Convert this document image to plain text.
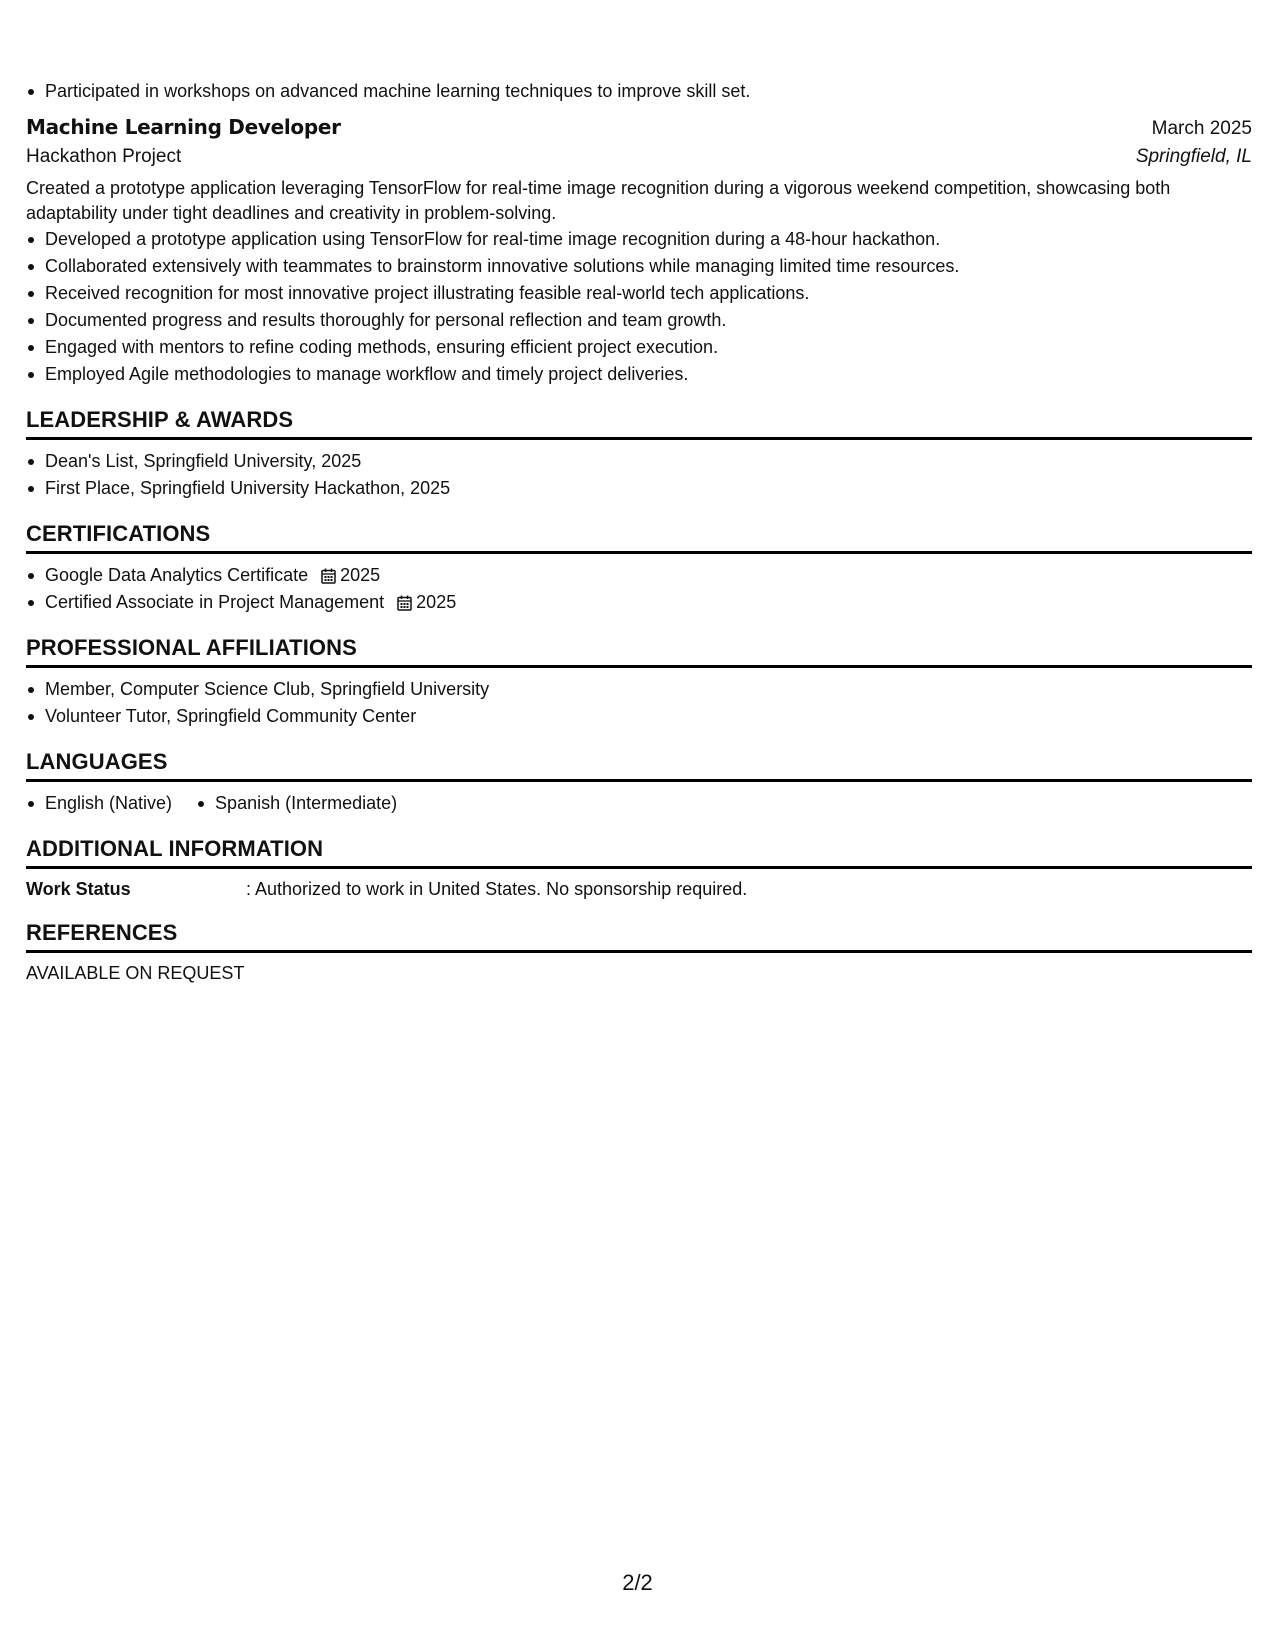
Participated in workshops on advanced machine learning techniques to improve skill set.
Machine Learning Developer	March 2025
Hackathon Project	Springfield, IL

Created a prototype application leveraging TensorFlow for real-time image recognition during a vigorous weekend competition, showcasing both adaptability under tight deadlines and creativity in problem-solving.

Developed a prototype application using TensorFlow for real-time image recognition during a 48-hour hackathon.
Collaborated extensively with teammates to brainstorm innovative solutions while managing limited time resources.
Received recognition for most innovative project illustrating feasible real-world tech applications.
Documented progress and results thoroughly for personal reflection and team growth.
Engaged with mentors to refine coding methods, ensuring efficient project execution.
Employed Agile methodologies to manage workflow and timely project deliveries.
LEADERSHIP & AWARDS
Dean's List, Springfield University, 2025
First Place, Springfield University Hackathon, 2025
CERTIFICATIONS
Google Data Analytics Certificate 2025
Certified Associate in Project Management 2025
PROFESSIONAL AFFILIATIONS
Member, Computer Science Club, Springfield University
Volunteer Tutor, Springfield Community Center
LANGUAGES
English (Native)	Spanish (Intermediate)
ADDITIONAL INFORMATION
Work Status	: Authorized to work in United States. No sponsorship required.
REFERENCES

AVAILABLE ON REQUEST

2/2
